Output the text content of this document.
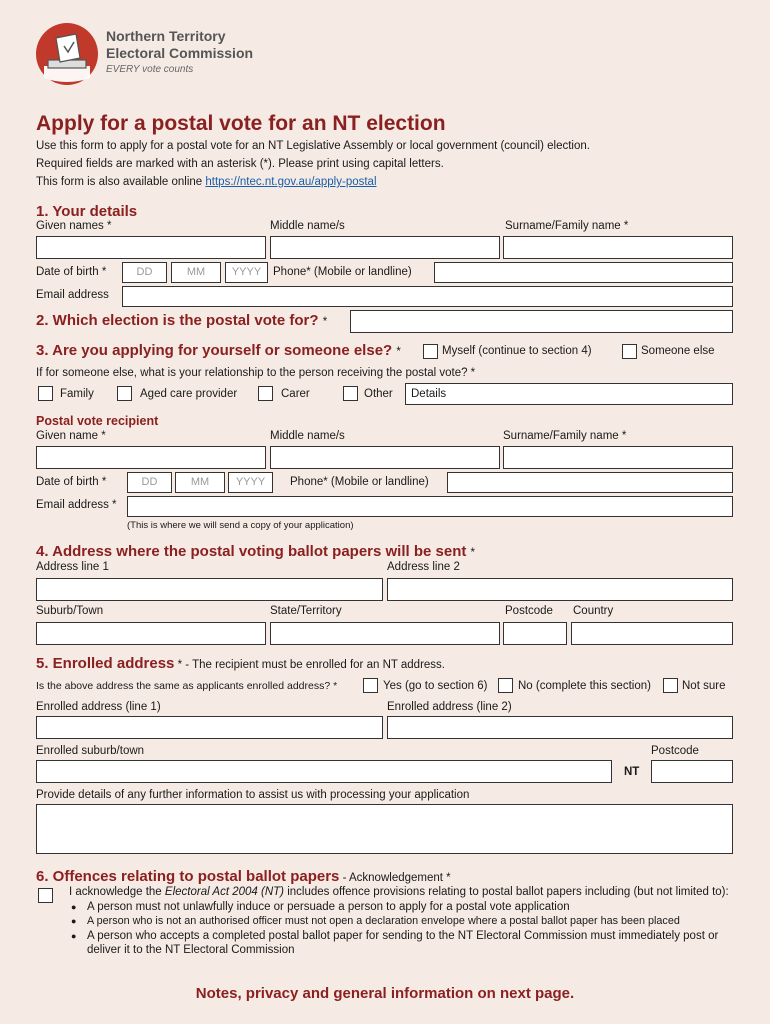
Northern Territory
Electoral Commission
EVERY vote counts
Apply for a postal vote for an NT election
Use this form to apply for a postal vote for an NT Legislative Assembly or local government (council) election.
Required fields are marked with an asterisk (*). Please print using capital letters.
This form is also available online https://ntec.nt.gov.au/apply-postal
1. Your details
Given names *	Middle name/s	Surname/Family name *
Date of birth *	DD	MM	YYYY	Phone* (Mobile or landline)
Email address
2. Which election is the postal vote for? *
3. Are you applying for yourself or someone else? *	Myself (continue to section 4)	Someone else
If for someone else, what is your relationship to the person receiving the postal vote? *
Family	Aged care provider	Carer	Other	Details
Postal vote recipient
Given name *	Middle name/s	Surname/Family name *
Date of birth *	DD	MM	YYYY	Phone* (Mobile or landline)
Email address *
(This is where we will send a copy of your application)
4. Address where the postal voting ballot papers will be sent *
Address line 1	Address line 2
Suburb/Town	State/Territory	Postcode Country
5. Enrolled address * - The recipient must be enrolled for an NT address.
Is the above address the same as applicants enrolled address? *	Yes (go to section 6)	No (complete this section)	Not sure
Enrolled address (line 1)	Enrolled address (line 2)
Enrolled suburb/town	Postcode
NT
Provide details of any further information to assist us with processing your application
6. Offences relating to postal ballot papers - Acknowledgement *
I acknowledge the Electoral Act 2004 (NT) includes offence provisions relating to postal ballot papers including (but not limited to):
● A person must not unlawfully induce or persuade a person to apply for a postal vote application
● A person who is not an authorised officer must not open a declaration envelope where a postal ballot paper has been placed
● A person who accepts a completed postal ballot paper for sending to the NT Electoral Commission must immediately post or deliver it to the NT Electoral Commission
Notes, privacy and general information on next page.
